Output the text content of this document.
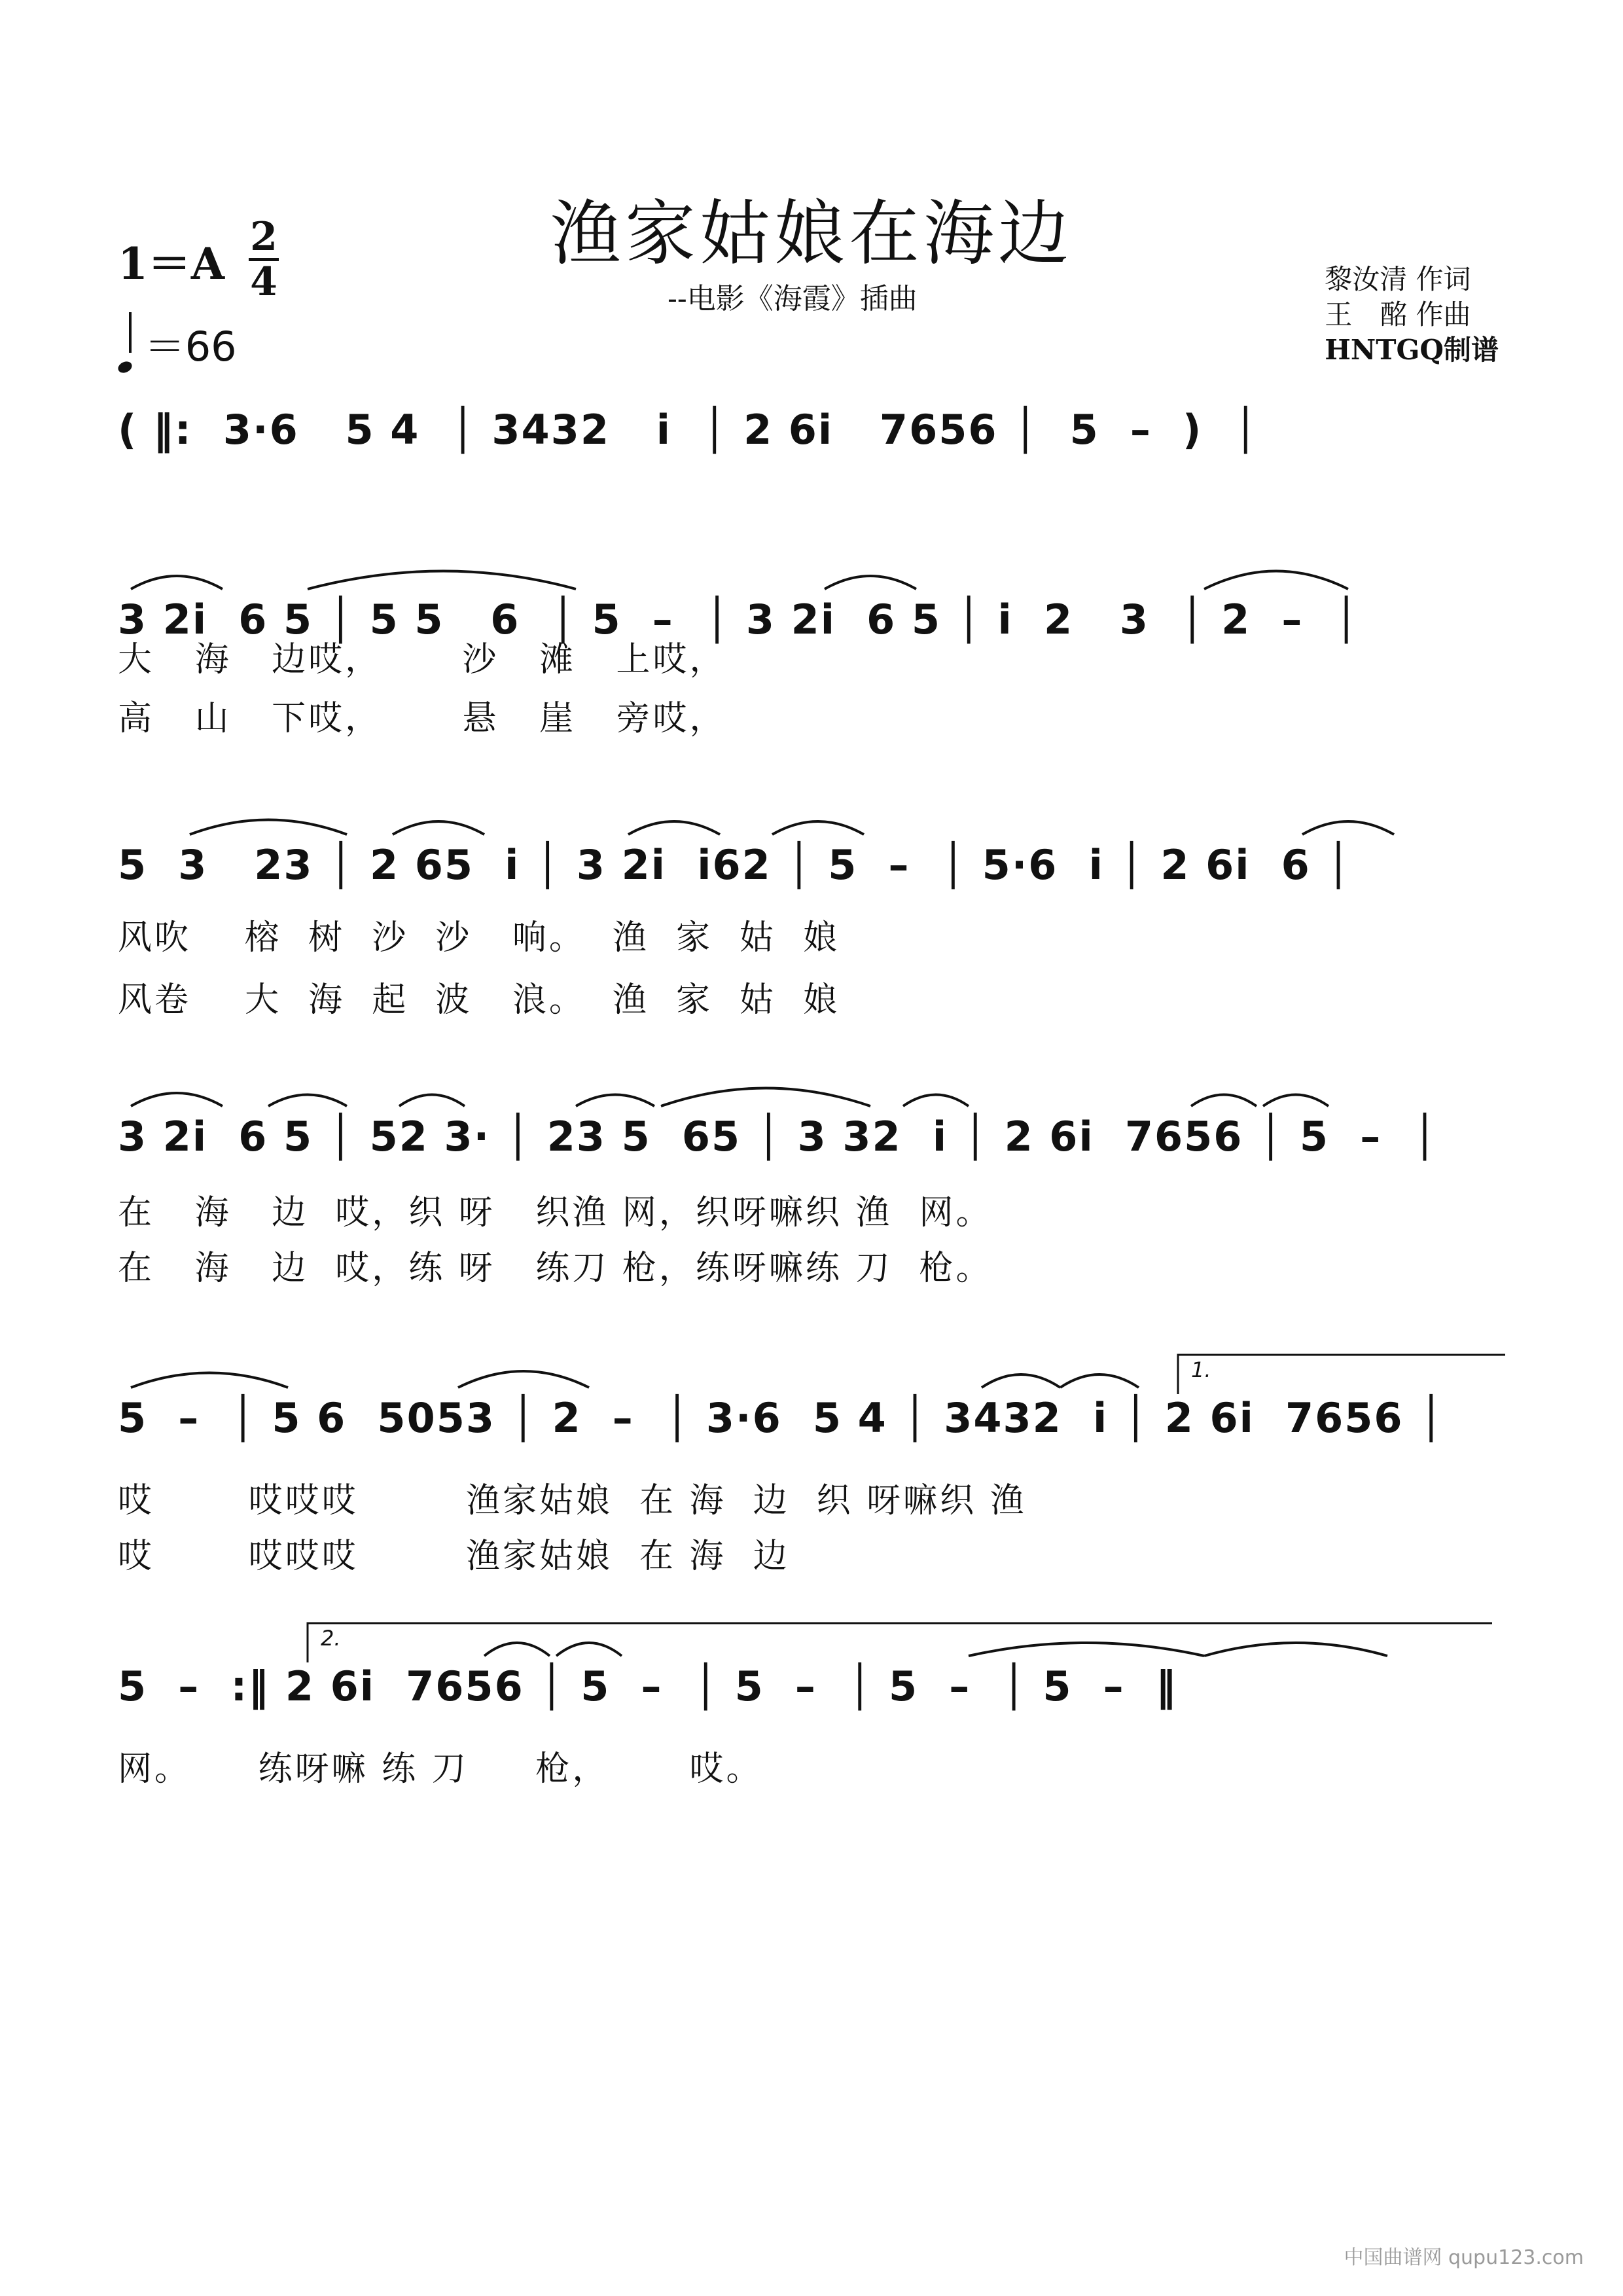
渔家姑娘在海边
--电影《海霞》插曲
1＝A
2
4
＝66
黎汝清 作词
王　酩 作曲
HNTGQ制谱
( ‖:  3·6   5 4  │ 3432   i  │ 2 6i   7656 │  5  –  )  │
3 2i  6 5 │ 5 5   6  │ 5  –  │ 3 2i  6 5 │ i  2   3  │ 2  –  │
大   海   边哎，      沙   滩   上哎，
高   山   下哎，      悬   崖   旁哎，
5  3   23 │ 2 65  i │ 3 2i  i62 │ 5  –  │ 5·6  i │ 2 6i  6 │
风吹    榕  树  沙  沙   响。  渔  家  姑  娘
风卷    大  海  起  波   浪。  渔  家  姑  娘
3 2i  6 5 │ 52 3· │ 23 5  65 │ 3 32  i │ 2 6i  7656 │ 5  –  │
在   海   边  哎，织 呀   织渔 网，织呀嘛织 渔  网。
在   海   边  哎，练 呀   练刀 枪，练呀嘛练 刀  枪。
1.
5  –  │ 5 6  5053 │ 2  –  │ 3·6  5 4 │ 3432  i │ 2 6i  7656 │
哎       哎哎哎        渔家姑娘  在 海  边  织 呀嘛织 渔
哎       哎哎哎        渔家姑娘  在 海  边
2.
5  –  :‖ 2 6i  7656 │ 5  –  │ 5  –  │ 5  –  │ 5  –  ‖
网。     练呀嘛 练 刀     枪，      哎。
中国曲谱网 qupu123.com
